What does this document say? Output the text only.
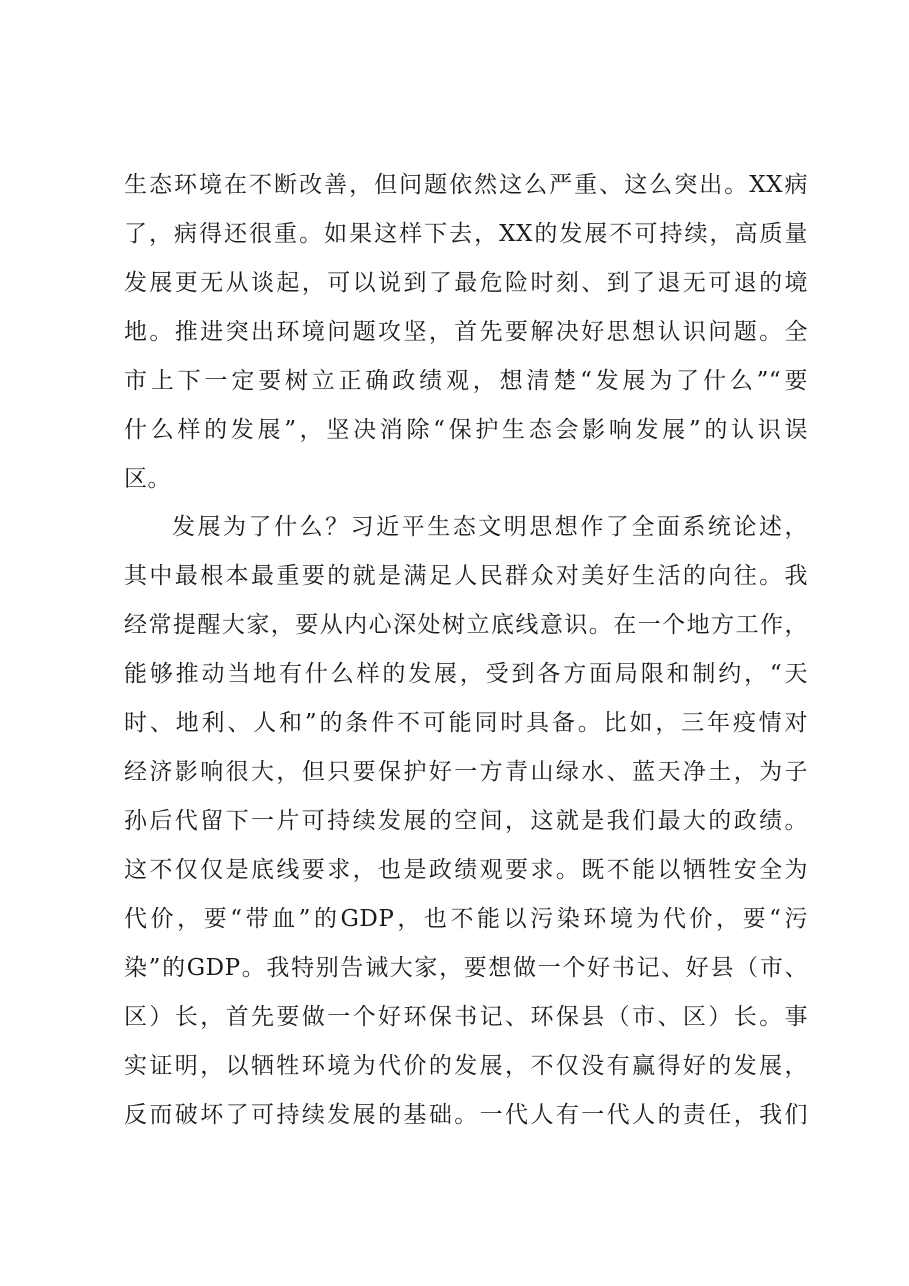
生态环境在不断改善，但问题依然这么严重、这么突出。XX病
了，病得还很重。如果这样下去，XX的发展不可持续，高质量
发展更无从谈起，可以说到了最危险时刻、到了退无可退的境
地。推进突出环境问题攻坚，首先要解决好思想认识问题。全
市上下一定要树立正确政绩观，想清楚“发展为了什么”“要
什么样的发展”，坚决消除“保护生态会影响发展”的认识误
区。
发展为了什么？习近平生态文明思想作了全面系统论述，
其中最根本最重要的就是满足人民群众对美好生活的向往。我
经常提醒大家，要从内心深处树立底线意识。在一个地方工作，
能够推动当地有什么样的发展，受到各方面局限和制约，“天
时、地利、人和”的条件不可能同时具备。比如，三年疫情对
经济影响很大，但只要保护好一方青山绿水、蓝天净土，为子
孙后代留下一片可持续发展的空间，这就是我们最大的政绩。
这不仅仅是底线要求，也是政绩观要求。既不能以牺牲安全为
代价，要“带血”的GDP，也不能以污染环境为代价，要“污
染”的GDP。我特别告诫大家，要想做一个好书记、好县（市、
区）长，首先要做一个好环保书记、环保县（市、区）长。事
实证明，以牺牲环境为代价的发展，不仅没有赢得好的发展，
反而破坏了可持续发展的基础。一代人有一代人的责任，我们
